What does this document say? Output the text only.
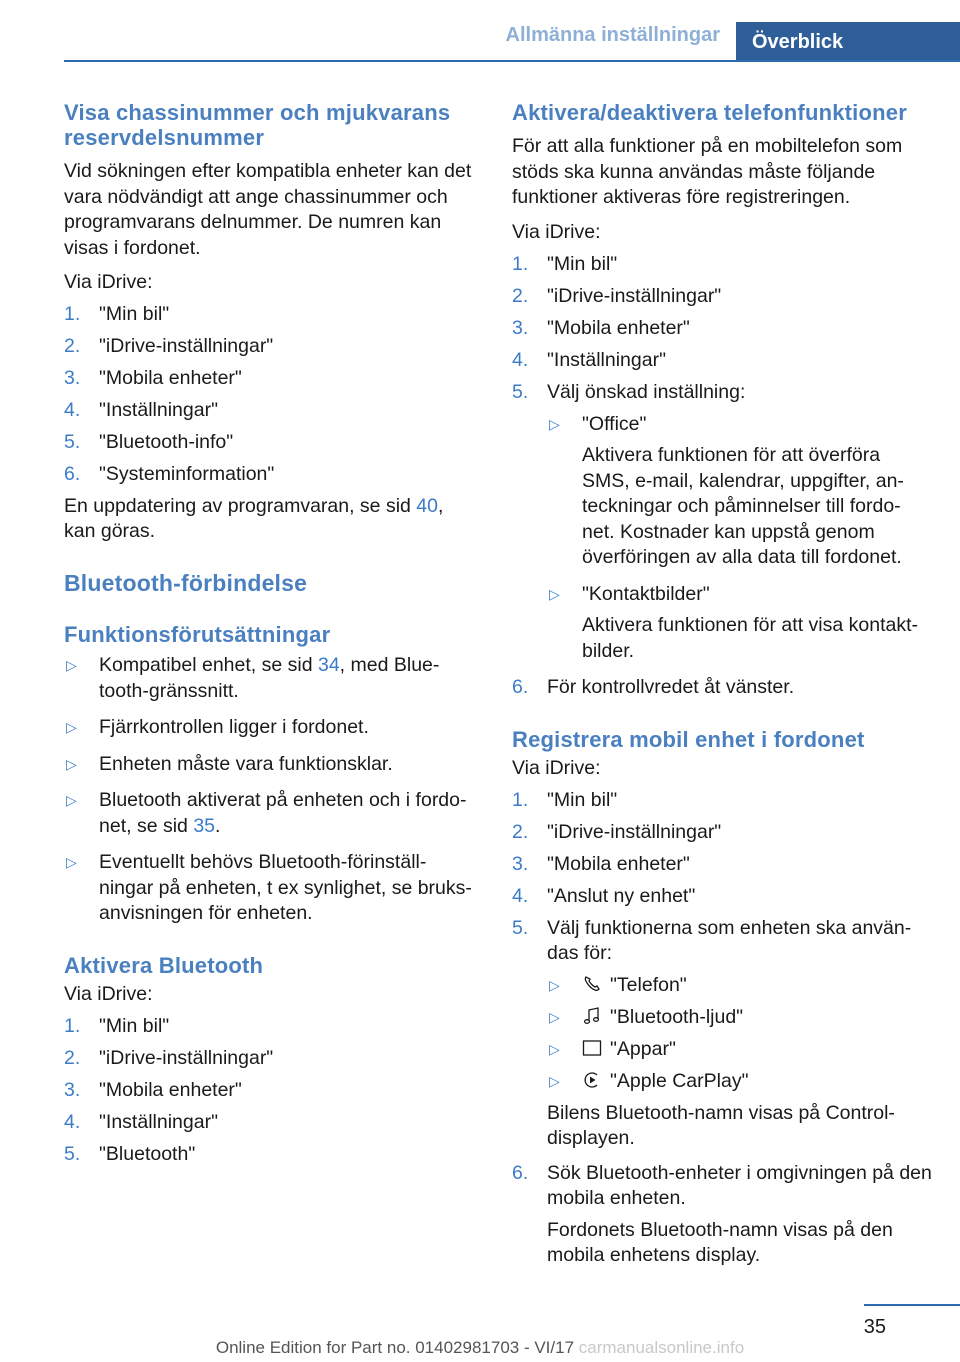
Allmänna inställningar	Överblick
Visa chassinummer och mjukvarans reservdelsnummer

Vid sökningen efter kompatibla enheter kan det vara nödvändigt att ange chassinummer och programvarans delnummer. De numren kan visas i fordonet.

Via iDrive:

1. "Min bil"
2. "iDrive-inställningar"
3. "Mobila enheter"
4. "Inställningar"
5. "Bluetooth-info"
6. "Systeminformation"

En uppdatering av programvaran, se sid 40, kan göras.

Bluetooth-förbindelse
Funktionsförutsättningar
▷ Kompatibel enhet, se sid 34, med Blue-tooth-gränssnitt.
▷ Fjärrkontrollen ligger i fordonet.
▷ Enheten måste vara funktionsklar.
▷ Bluetooth aktiverat på enheten och i fordo-net, se sid 35.
▷ Eventuellt behövs Bluetooth-förinställ-ningar på enheten, t ex synlighet, se bruks-anvisningen för enheten.
Aktivera Bluetooth

Via iDrive:

1. "Min bil"
2. "iDrive-inställningar"
3. "Mobila enheter"
4. "Inställningar"
5. "Bluetooth"
Aktivera/deaktivera telefonfunktioner

För att alla funktioner på en mobiltelefon som stöds ska kunna användas måste följande funktioner aktiveras före registreringen.

Via iDrive:

1. "Min bil"
2. "iDrive-inställningar"
3. "Mobila enheter"
4. "Inställningar"
5. Välj önskad inställning:
▷ "Office"

Aktivera funktionen för att överföra SMS, e-mail, kalendrar, uppgifter, an-teckningar och påminnelser till fordo-net. Kostnader kan uppstå genom överföringen av alla data till fordonet.

▷ "Kontaktbilder"

Aktivera funktionen för att visa kontakt-bilder.

6. För kontrollvredet åt vänster.
Registrera mobil enhet i fordonet

Via iDrive:

1. "Min bil"
2. "iDrive-inställningar"
3. "Mobila enheter"
4. "Anslut ny enhet"
5. Välj funktionerna som enheten ska använ-das för:
▷	"Telefon"
▷	"Bluetooth-ljud"
▷	"Appar"
▷	"Apple CarPlay"

Bilens Bluetooth-namn visas på Control-displayen.

6. Sök Bluetooth-enheter i omgivningen på den mobila enheten.

Fordonets Bluetooth-namn visas på den mobila enhetens display.

35
Online Edition for Part no. 01402981703 - VI/17 carmanualsonline.info
